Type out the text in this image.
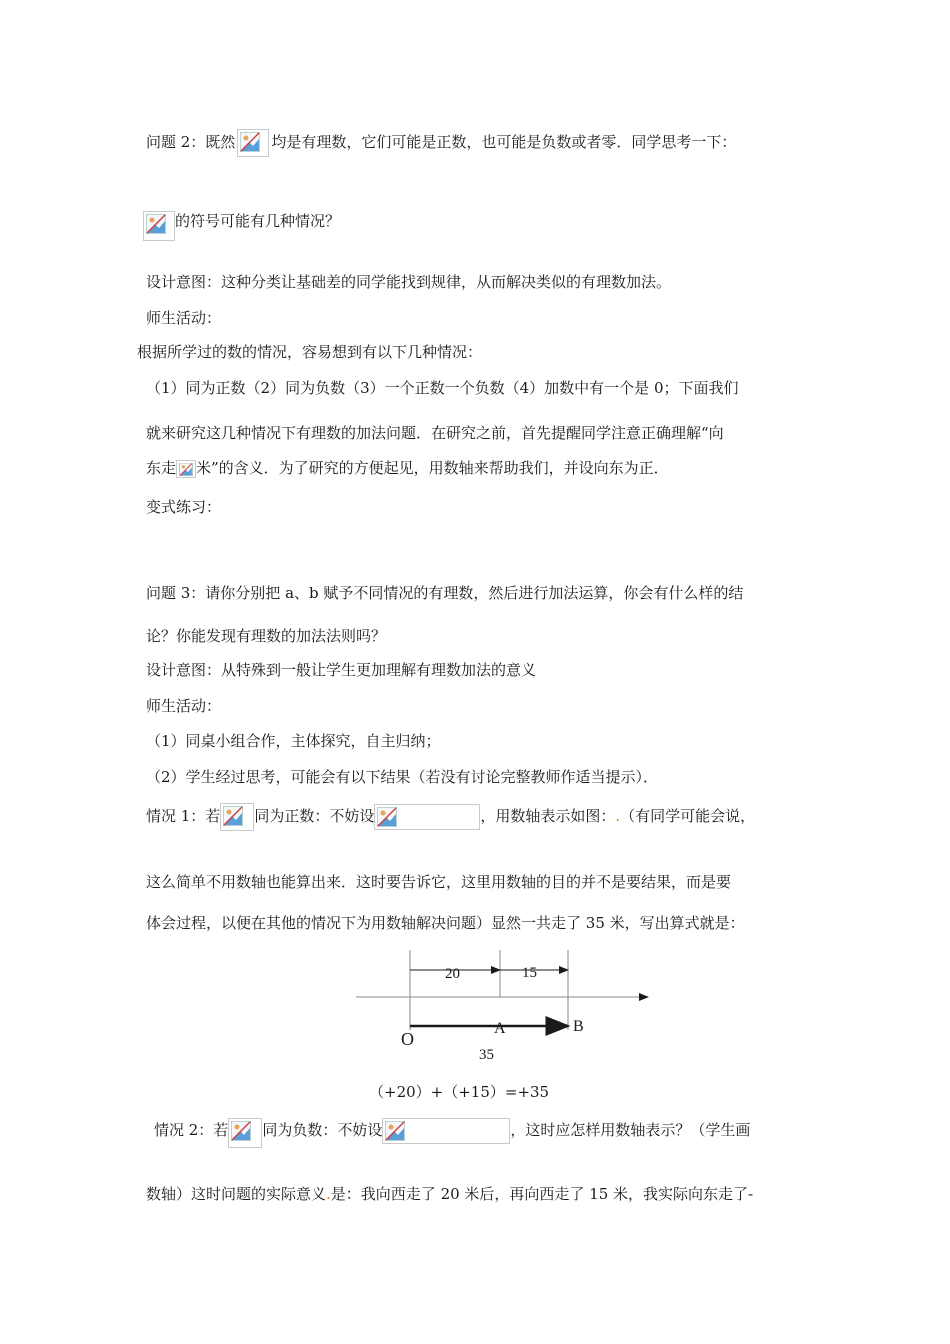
问题 2：既然 均是有理数，它们可能是正数，也可能是负数或者零．同学思考一下：
的符号可能有几种情况？
设计意图：这种分类让基础差的同学能找到规律，从而解决类似的有理数加法。
师生活动：
根据所学过的数的情况，容易想到有以下几种情况：
（1）同为正数（2）同为负数（3）一个正数一个负数（4）加数中有一个是 0；下面我们
就来研究这几种情况下有理数的加法问题．在研究之前，首先提醒同学注意正确理解“向
东走 米”的含义．为了研究的方便起见，用数轴来帮助我们，并设向东为正．
变式练习：
问题 3：请你分别把 a、b 赋予不同情况的有理数，然后进行加法运算，你会有什么样的结
论？你能发现有理数的加法法则吗？
设计意图：从特殊到一般让学生更加理解有理数加法的意义
师生活动：
（1）同桌小组合作，主体探究，自主归纳；
（2）学生经过思考，可能会有以下结果（若没有讨论完整教师作适当提示）．
情况 1：若 同为正数：不妨设	，用数轴表示如图：.（有同学可能会说，
这么简单不用数轴也能算出来．这时要告诉它，这里用数轴的目的并不是要结果，而是要
体会过程，以便在其他的情况下为用数轴解决问题）显然一共走了 35 米，写出算式就是：
20	15
O
A	B
35
（+20）+（+15）=+35
情况 2：若 同为负数：不妨设	，这时应怎样用数轴表示？（学生画
数轴）这时问题的实际意义.是：我向西走了 20 米后，再向西走了 15 米，我实际向东走了-
